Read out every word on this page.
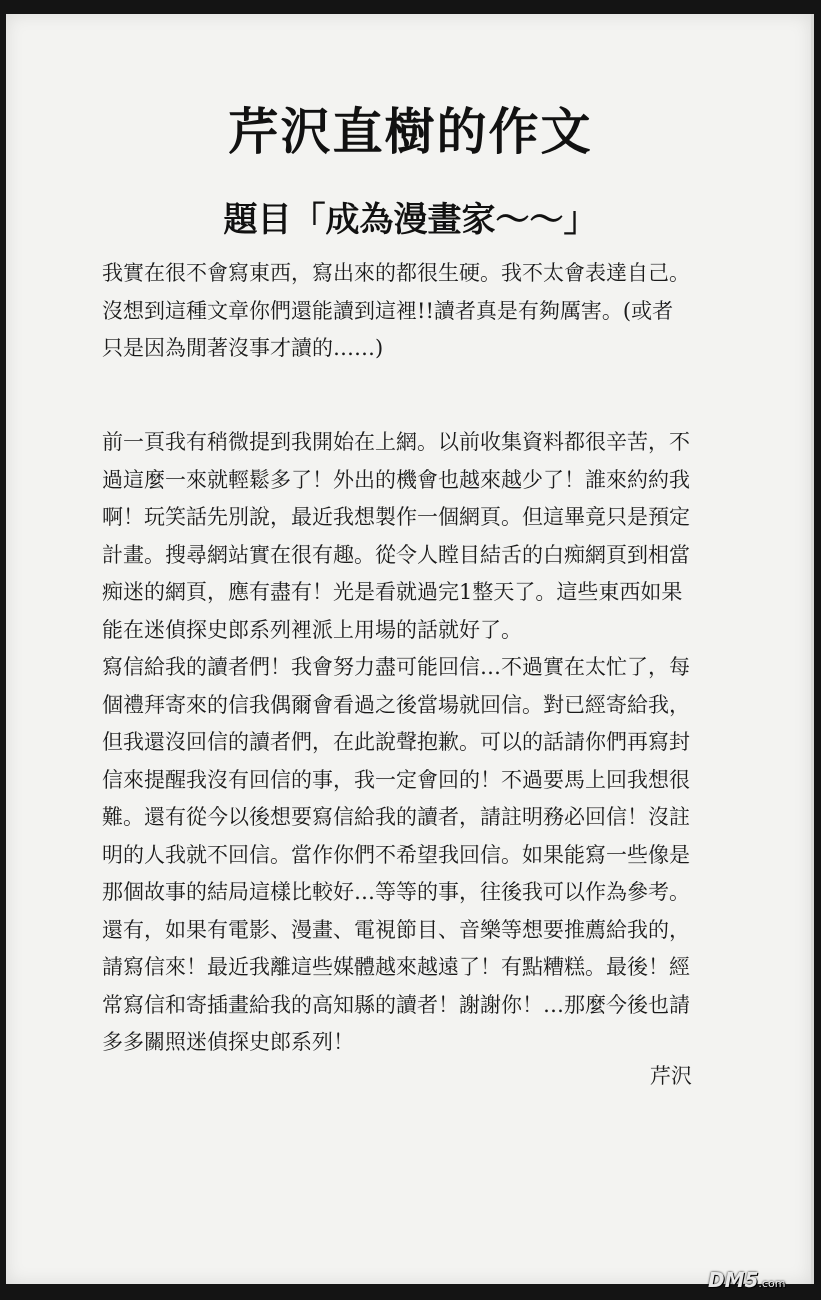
芹沢直樹的作文
題目「成為漫畫家～～」
我實在很不會寫東西，寫出來的都很生硬。我不太會表達自己。
沒想到這種文章你們還能讀到這裡!!讀者真是有夠厲害。(或者
只是因為閒著沒事才讀的……)
前一頁我有稍微提到我開始在上網。以前收集資料都很辛苦，不
過這麼一來就輕鬆多了！外出的機會也越來越少了！誰來約約我
啊！玩笑話先別說，最近我想製作一個網頁。但這畢竟只是預定
計畫。搜尋網站實在很有趣。從令人瞠目結舌的白痴網頁到相當
痴迷的網頁，應有盡有！光是看就過完1整天了。這些東西如果
能在迷偵探史郎系列裡派上用場的話就好了。
寫信給我的讀者們！我會努力盡可能回信…不過實在太忙了，每
個禮拜寄來的信我偶爾會看過之後當場就回信。對已經寄給我，
但我還沒回信的讀者們，在此說聲抱歉。可以的話請你們再寫封
信來提醒我沒有回信的事，我一定會回的！不過要馬上回我想很
難。還有從今以後想要寫信給我的讀者，請註明務必回信！沒註
明的人我就不回信。當作你們不希望我回信。如果能寫一些像是
那個故事的結局這樣比較好…等等的事，往後我可以作為參考。
還有，如果有電影、漫畫、電視節目、音樂等想要推薦給我的，
請寫信來！最近我離這些媒體越來越遠了！有點糟糕。最後！經
常寫信和寄插畫給我的高知縣的讀者！謝謝你！…那麼今後也請
多多關照迷偵探史郎系列！

芹沢

DM5.com
